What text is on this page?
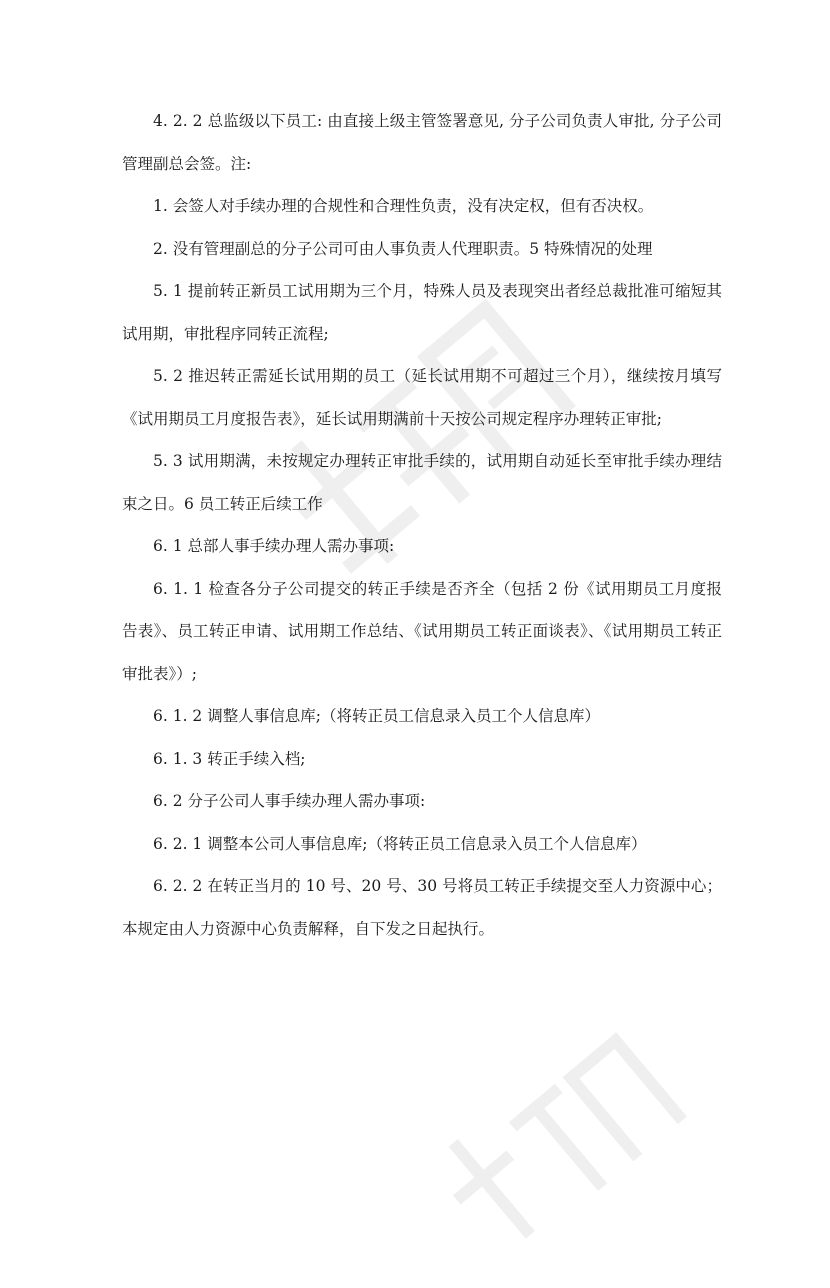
4. 2. 2 总监级以下员工: 由直接上级主管签署意见, 分子公司负责人审批, 分子公司管理副总会签。注:

1. 会签人对手续办理的合规性和合理性负责，没有决定权，但有否决权。

2. 没有管理副总的分子公司可由人事负责人代理职责。5 特殊情况的处理

5. 1 提前转正新员工试用期为三个月，特殊人员及表现突出者经总裁批准可缩短其试用期，审批程序同转正流程;

5. 2 推迟转正需延长试用期的员工（延长试用期不可超过三个月），继续按月填写《试用期员工月度报告表》，延长试用期满前十天按公司规定程序办理转正审批;

5. 3 试用期满，未按规定办理转正审批手续的，试用期自动延长至审批手续办理结束之日。6 员工转正后续工作

6. 1 总部人事手续办理人需办事项:

6. 1. 1 检查各分子公司提交的转正手续是否齐全（包括 2 份《试用期员工月度报告表》、员工转正申请、试用期工作总结、《试用期员工转正面谈表》、《试用期员工转正审批表》）;

6. 1. 2 调整人事信息库;（将转正员工信息录入员工个人信息库）

6. 1. 3 转正手续入档;

6. 2 分子公司人事手续办理人需办事项:

6. 2. 1 调整本公司人事信息库;（将转正员工信息录入员工个人信息库）

6. 2. 2 在转正当月的 10 号、20 号、30 号将员工转正手续提交至人力资源中心；本规定由人力资源中心负责解释，自下发之日起执行。
